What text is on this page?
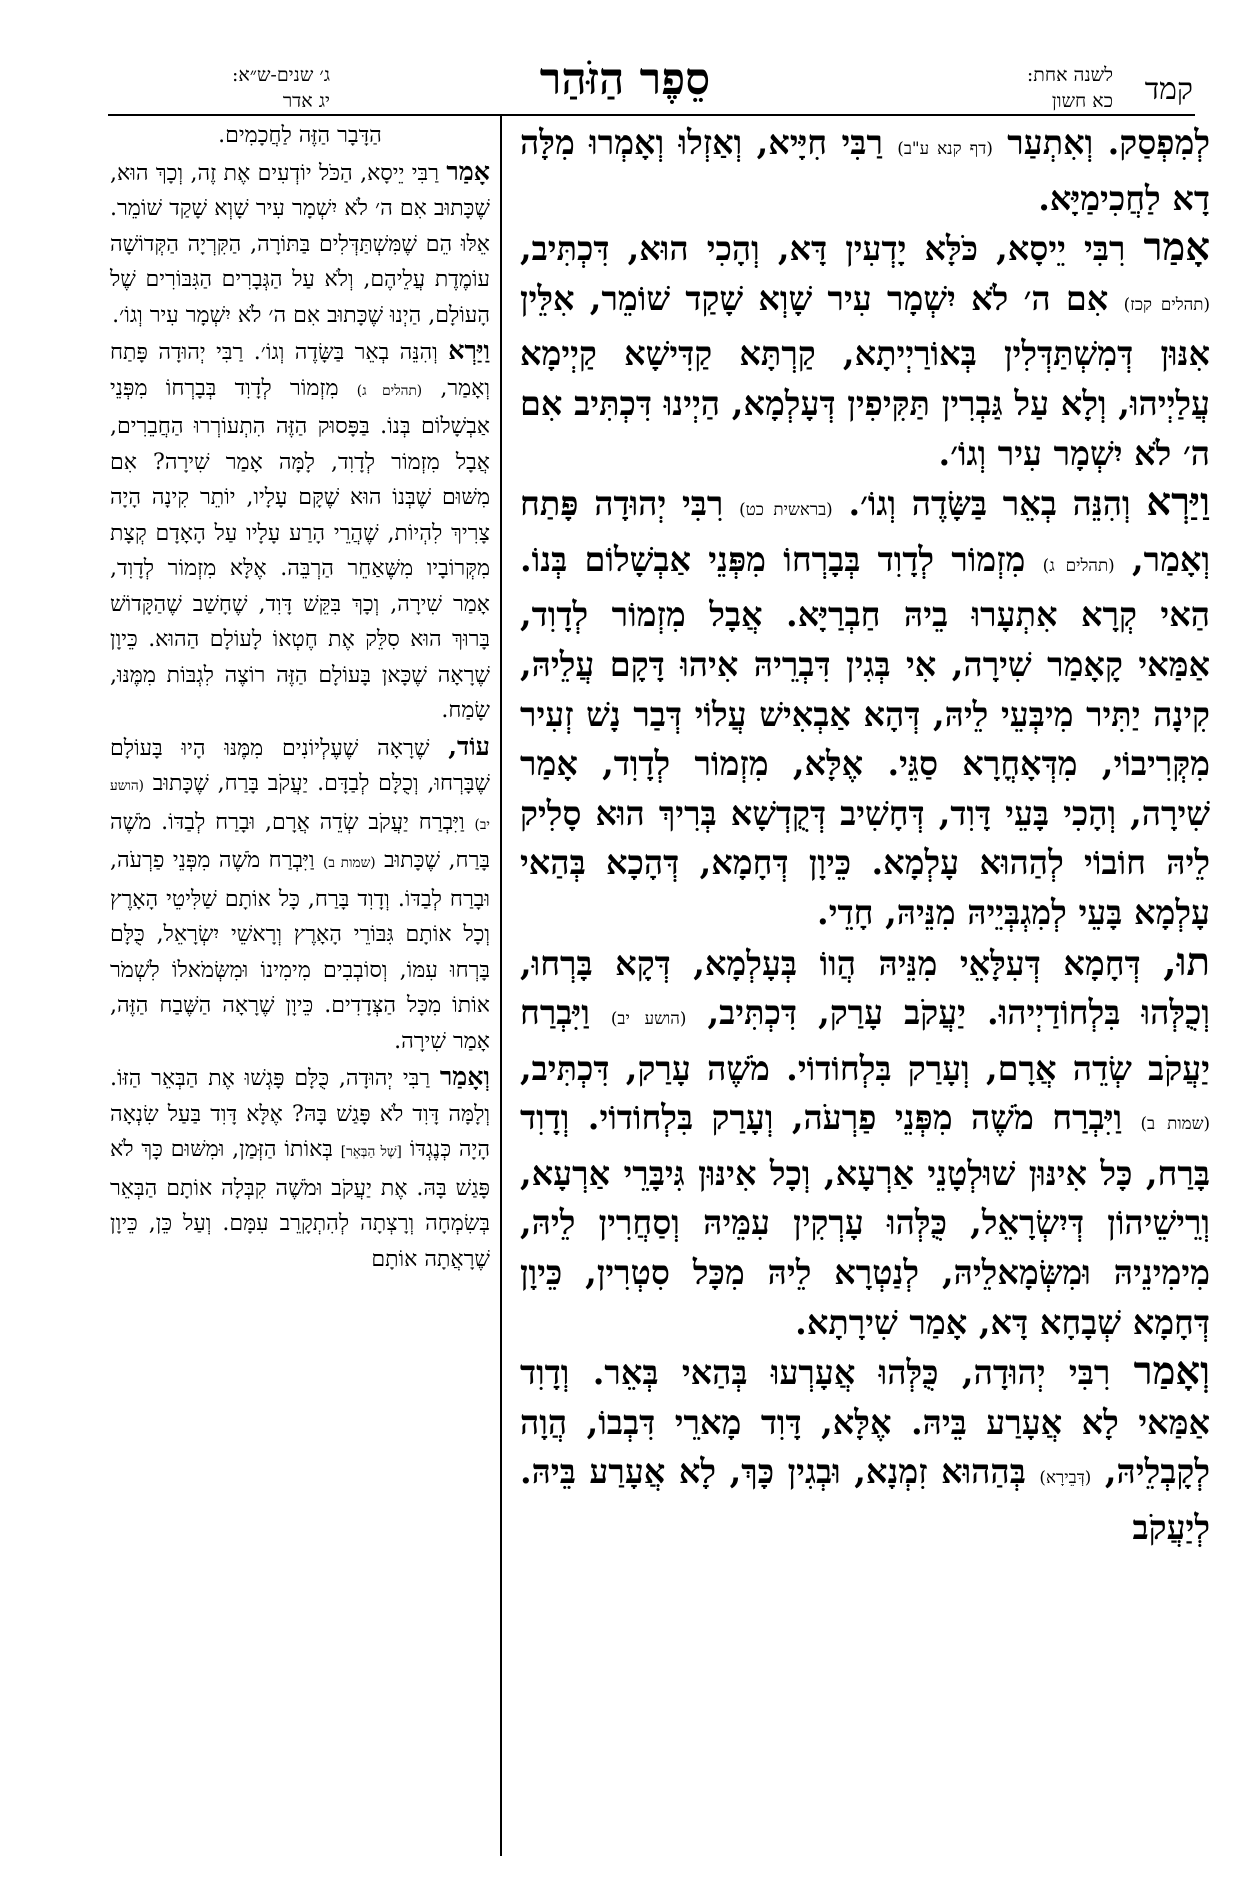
קמד
לשנה אחת:
כא חשון
סֵפֶר הַזֹּהַר
ג׳ שנים-ש״א:
יג אדר

לְמִפְסַק. וְאִתְעַר (דף קנא ע"ב) רַבִּי חִיָּיא, וְאַזְלוּ וְאָמְרוּ מִלָּה דָא לַחֲכִימַיָּא.

אָמַר רִבִּי יֵיסָא, כֹּלָּא יָדְעִין דָּא, וְהָכִי הוּא, דִּכְתִּיב, (תהלים קכז) אִם ה׳ לֹא יִשְׁמָר עִיר שָׁוְא שָׁקַד שׁוֹמֵר, אִלֵּין אִנּוּן דְּמִשְׁתַּדְּלִין בְּאוֹרַיְיתָא, קַרְתָּא קַדִּישָׁא קַיְימָא עֲלַיְיהוּ, וְלָא עַל גַּבְרִין תַּקִּיפִין דְּעָלְמָא, הַיְינוּ דִּכְתִּיב אִם ה׳ לֹא יִשְׁמָר עִיר וְגוֹ׳.

וַיַּרְא וְהִנֵּה בְאֵר בַּשָּׂדֶה וְגוֹ׳. (בראשית כט) רִבִּי יְהוּדָה פָּתַח וְאָמַר, (תהלים ג) מִזְמוֹר לְדָוִד בְּבָרְחוֹ מִפְּנֵי אַבְשָׁלוֹם בְּנוֹ. הַאי קְרָא אִתְעָרוּ בֵיהּ חַבְרַיָּא. אֲבָל מִזְמוֹר לְדָוִד, אַמַּאי קָאָמַר שִׁירָה, אִי בְּגִין דִּבְרֵיהּ אִיהוּ דָּקָם עֲלֵיהּ, קִינָה יַתִּיר מִיבְּעֵי לֵיהּ, דְּהָא אַבְאִישׁ עֲלוֹי דְּבַר נָשׁ זְעִיר מִקְּרִיבוֹי, מִדְּאָחֳרָא סַגֵּי. אֶלָּא, מִזְמוֹר לְדָוִד, אָמַר שִׁירָה, וְהָכִי בָּעֵי דָּוִד, דְּחָשִׁיב דְּקֻדְשָׁא בְּרִיךְ הוּא סָלִיק לֵיהּ חוֹבוֹי לְהַהוּא עָלְמָא. כֵּיוָן דְּחָמָא, דְּהָכָא בְּהַאי עָלְמָא בָּעֵי לְמִגְבְּיֵיהּ מִנֵּיהּ, חָדֵי.

תוּ, דְּחָמָא דְּעִלָּאֵי מִנֵּיהּ הֲווֹ בְּעָלְמָא, דְּקָא בָּרְחוּ, וְכֻלְּהוּ בִּלְחוֹדַיְיהוּ. יַעֲקֹב עָרַק, דִּכְתִּיב, (הושע יב) וַיִּבְרַח יַעֲקֹב שְׂדֵה אֲרָם, וְעָרַק בִּלְחוֹדוֹי. מֹשֶׁה עָרַק, דִּכְתִּיב, (שמות ב) וַיִּבְרַח מֹשֶׁה מִפְּנֵי פַרְעֹה, וְעָרַק בִּלְחוֹדוֹי. וְדָוִד בָּרַח, כָּל אִינּוּן שׁוּלְטָנֵי אַרְעָא, וְכָל אִינּוּן גִּיבָּרֵי אַרְעָא, וְרֵישֵׁיהוֹן דְּיִשְׂרָאֵל, כֻּלְּהוּ עָרְקִין עִמֵּיהּ וְסַחֲרִין לֵיהּ, מִימִינֵיהּ וּמִשְּׂמָאלֵיהּ, לְנַטְרָא לֵיהּ מִכָּל סִטְרִין, כֵּיוָן דְּחָמָא שְׁבָחָא דָּא, אָמַר שִׁירָתָא.

וְאָמַר רִבִּי יְהוּדָה, כֻּלְּהוּ אֲעָרְעוּ בְּהַאי בְּאֵר. וְדָוִד אַמַּאי לָא אֲעָרַע בֵּיהּ. אֶלָּא, דָּוִד מָארֵי דִּבְבוֹ, הֲוָה לְקָבְלֵיהּ, (דְּבֵירָא) בְּהַהוּא זִמְנָא, וּבְגִין כָּךְ, לָא אֲעָרַע בֵּיהּ. לְיַעֲקֹב

הַדָּבָר הַזֶּה לַחֲכָמִים.

אָמַר רַבִּי יֵיסָא, הַכֹּל יוֹדְעִים אֶת זֶה, וְכָךְ הוּא, שֶׁכָּתוּב אִם ה׳ לֹא יִשְׁמָר עִיר שָׁוְא שָׁקַד שׁוֹמֵר. אֵלּוּ הֵם שֶׁמִּשְׁתַּדְּלִים בַּתּוֹרָה, הַקִּרְיָה הַקְּדוֹשָׁה עוֹמֶדֶת עֲלֵיהֶם, וְלֹא עַל הַגְּבָרִים הַגִּבּוֹרִים שֶׁל הָעוֹלָם, הַיְנוּ שֶׁכָּתוּב אִם ה׳ לֹא יִשְׁמָר עִיר וְגוֹ׳.

וַיַּרְא וְהִנֵּה בְאֵר בַּשָּׂדֶה וְגוֹ׳. רַבִּי יְהוּדָה פָּתַח וְאָמַר, (תהלים ג) מִזְמוֹר לְדָוִד בְּבָרְחוֹ מִפְּנֵי אַבְשָׁלוֹם בְּנוֹ. בַּפָּסוּק הַזֶּה הִתְעוֹרְרוּ הַחֲבֵרִים, אֲבָל מִזְמוֹר לְדָוִד, לָמָּה אָמַר שִׁירָה? אִם מִשּׁוּם שֶׁבְּנוֹ הוּא שֶׁקָּם עָלָיו, יוֹתֵר קִינָה הָיָה צָרִיךְ לִהְיוֹת, שֶׁהֲרֵי הָרַע עָלָיו עַל הָאָדָם קְצָת מִקְּרוֹבָיו מִשֶּׁאַחֵר הַרְבֵּה. אֶלָּא מִזְמוֹר לְדָוִד, אָמַר שִׁירָה, וְכָךְ בִּקֵּשׁ דָּוִד, שֶׁחָשַׁב שֶׁהַקָּדוֹשׁ בָּרוּךְ הוּא סִלֵּק אֶת חֶטְאוֹ לָעוֹלָם הַהוּא. כֵּיוָן שֶׁרָאָה שֶׁכָּאן בָּעוֹלָם הַזֶּה רוֹצֶה לִגְבּוֹת מִמֶּנּוּ, שָׂמַח.

עוֹד, שֶׁרָאָה שֶׁעֶלְיוֹנִים מִמֶּנּוּ הָיוּ בָּעוֹלָם שֶׁבָּרְחוּ, וְכֻלָּם לְבַדָּם. יַעֲקֹב בָּרַח, שֶׁכָּתוּב (הושע יב) וַיִּבְרַח יַעֲקֹב שְׂדֵה אֲרָם, וּבָרַח לְבַדּוֹ. מֹשֶׁה בָּרַח, שֶׁכָּתוּב (שמות ב) וַיִּבְרַח מֹשֶׁה מִפְּנֵי פַרְעֹה, וּבָרַח לְבַדּוֹ. וְדָוִד בָּרַח, כָּל אוֹתָם שַׁלִּיטֵי הָאָרֶץ וְכָל אוֹתָם גִּבּוֹרֵי הָאָרֶץ וְרָאשֵׁי יִשְׂרָאֵל, כֻּלָּם בָּרְחוּ עִמּוֹ, וְסוֹבְבִים מִימִינוֹ וּמִשְּׂמֹאלוֹ לִשְׁמֹר אוֹתוֹ מִכָּל הַצְּדָדִים. כֵּיוָן שֶׁרָאָה הַשֶּׁבַח הַזֶּה, אָמַר שִׁירָה.

וְאָמַר רַבִּי יְהוּדָה, כֻּלָּם פָּגְשׁוּ אֶת הַבְּאֵר הַזּוֹ. וְלָמָּה דָּוִד לֹא פָּגַשׁ בָּהּ? אֶלָּא דָּוִד בַּעַל שִׂנְאָה הָיָה כְּנֶגְדּוֹ [שֶׁל הַבְּאֵר] בְּאוֹתוֹ הַזְּמַן, וּמִשּׁוּם כָּךְ לֹא פָּגַשׁ בָּהּ. אֶת יַעֲקֹב וּמֹשֶׁה קִבְּלָה אוֹתָם הַבְּאֵר בְּשִׂמְחָה וְרָצְתָה לְהִתְקָרֵב עִמָּם. וְעַל כֵּן, כֵּיוָן שֶׁרָאֲתָה אוֹתָם
